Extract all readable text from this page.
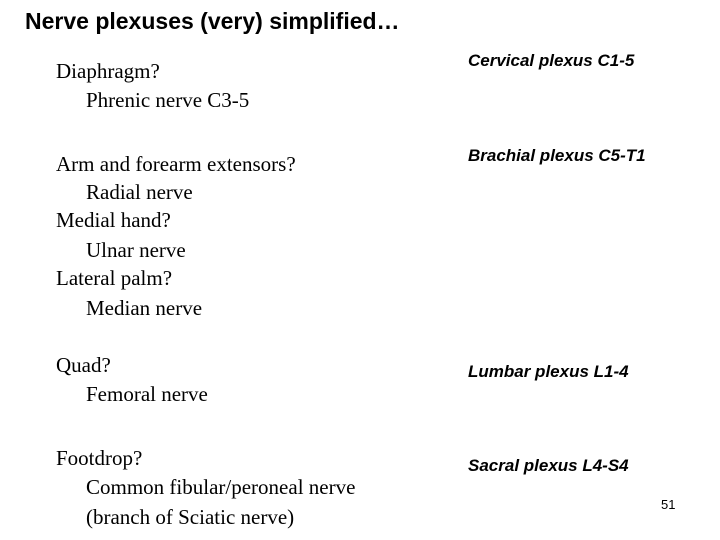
Nerve plexuses (very) simplified…
Diaphragm?
Phrenic nerve C3-5
Cervical plexus C1-5
Arm and forearm extensors?
Radial nerve
Medial hand?
Ulnar nerve
Lateral palm?
Median nerve
Brachial plexus C5-T1
Quad?
Femoral nerve
Lumbar plexus L1-4
Footdrop?
Common fibular/peroneal nerve
(branch of Sciatic nerve)
Sacral plexus L4-S4
51
